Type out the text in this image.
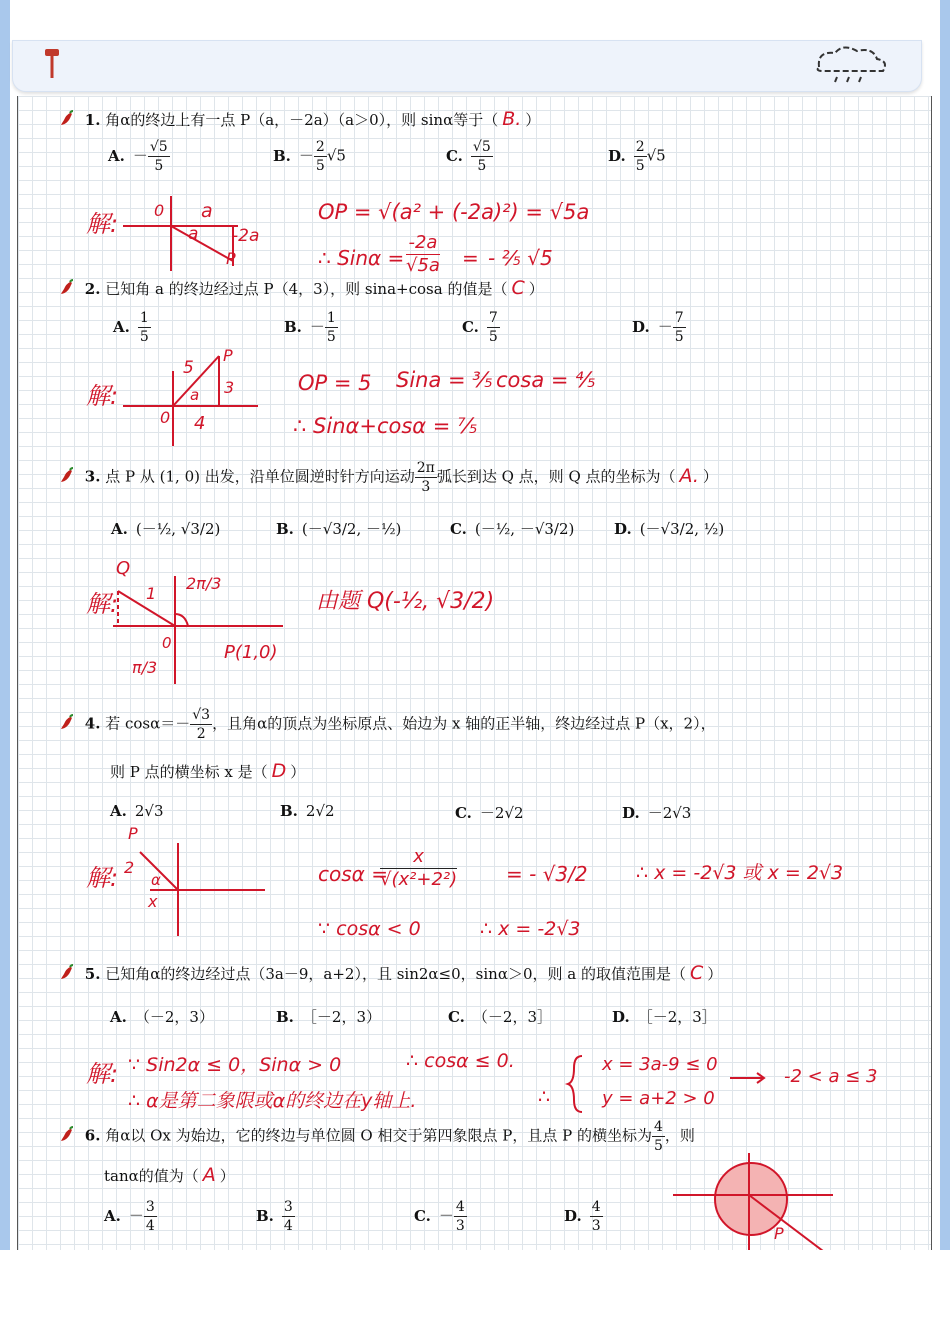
1. 角α的终边上有一点 P（a，－2a）（a＞0），则 sinα等于（ B. ）
A. － $\frac{√5}{5}$	B. － $\frac{2}{5} √5$	C. $\frac{√5}{5}$	D. $\frac{2}{5} √5$
解: 0 a
a -2a
P
OP = √(a² + (-2a)²) = √5a
∴ $Sin\alpha = \frac{-2a}{√5a}$ = - ²⁄₅ √5
2. 已知角 a 的终边经过点 P（4，3），则 sina+cosa 的值是（ C ）
A. $\frac{1}{5}$	B. － $\frac{1}{5}$	C. $\frac{7}{5}$	D. － $\frac{7}{5}$
解:
5
P
3
a
0 4
OP = 5 Sina = ³⁄₅ cosa = ⁴⁄₅
∴ Sinα+cosα = ⁷⁄₅
3. 点 P 从 (1, 0) 出发，沿单位圆逆时针方向运动 $\frac{2\pi}{3}$ 弧长到达 Q 点，则 Q 点的坐标为（ A. ）
A. (－½, √3/2)	B. (－√3/2, －½)	C. (－½, －√3/2)	D. (－√3/2, ½)
解:
Q
1
2π/3
0
π/3
P(1,0)
由题 Q(-½, √3/2)
4. 若 $\cos\alpha=- \frac{√3}{2}$ ，且角α的顶点为坐标原点、始边为 x 轴的正半轴，终边经过点 P（x，2），
则 P 点的横坐标 x 是（ D ）
A. 2√3	B. 2√2	C. －2√2	D. －2√3
解:
P
2
α
x
cosα =
$\frac{x}{\text{√(x²+2²)}}$ = - √3/2	∴ x = -2√3 或 x = 2√3
∵ cosα < 0	∴ x = -2√3
5. 已知角α的终边经过点（3a－9，a+2），且 sin2α≤0，sinα＞0，则 a 的取值范围是（ C ）
A. （－2，3）	B. ［－2，3）	C. （－2，3］	D. ［－2，3］
解: ∵ Sin2α ≤ 0，Sinα > 0	∴ cosα ≤ 0.
∴ α是第二象限或α的终边在y轴上.	∴
x = 3a-9 ≤ 0
y = a+2 > 0
-2 < a ≤ 3
6. 角α以 Ox 为始边，它的终边与单位圆 O 相交于第四象限点 P，且点 P 的横坐标为 $\frac{4}{5}$ ，则
tanα的值为（ A ）
A. － $\frac{3}{4}$	B. $\frac{3}{4}$	C. － $\frac{4}{3}$	D. $\frac{4}{3}$
P
